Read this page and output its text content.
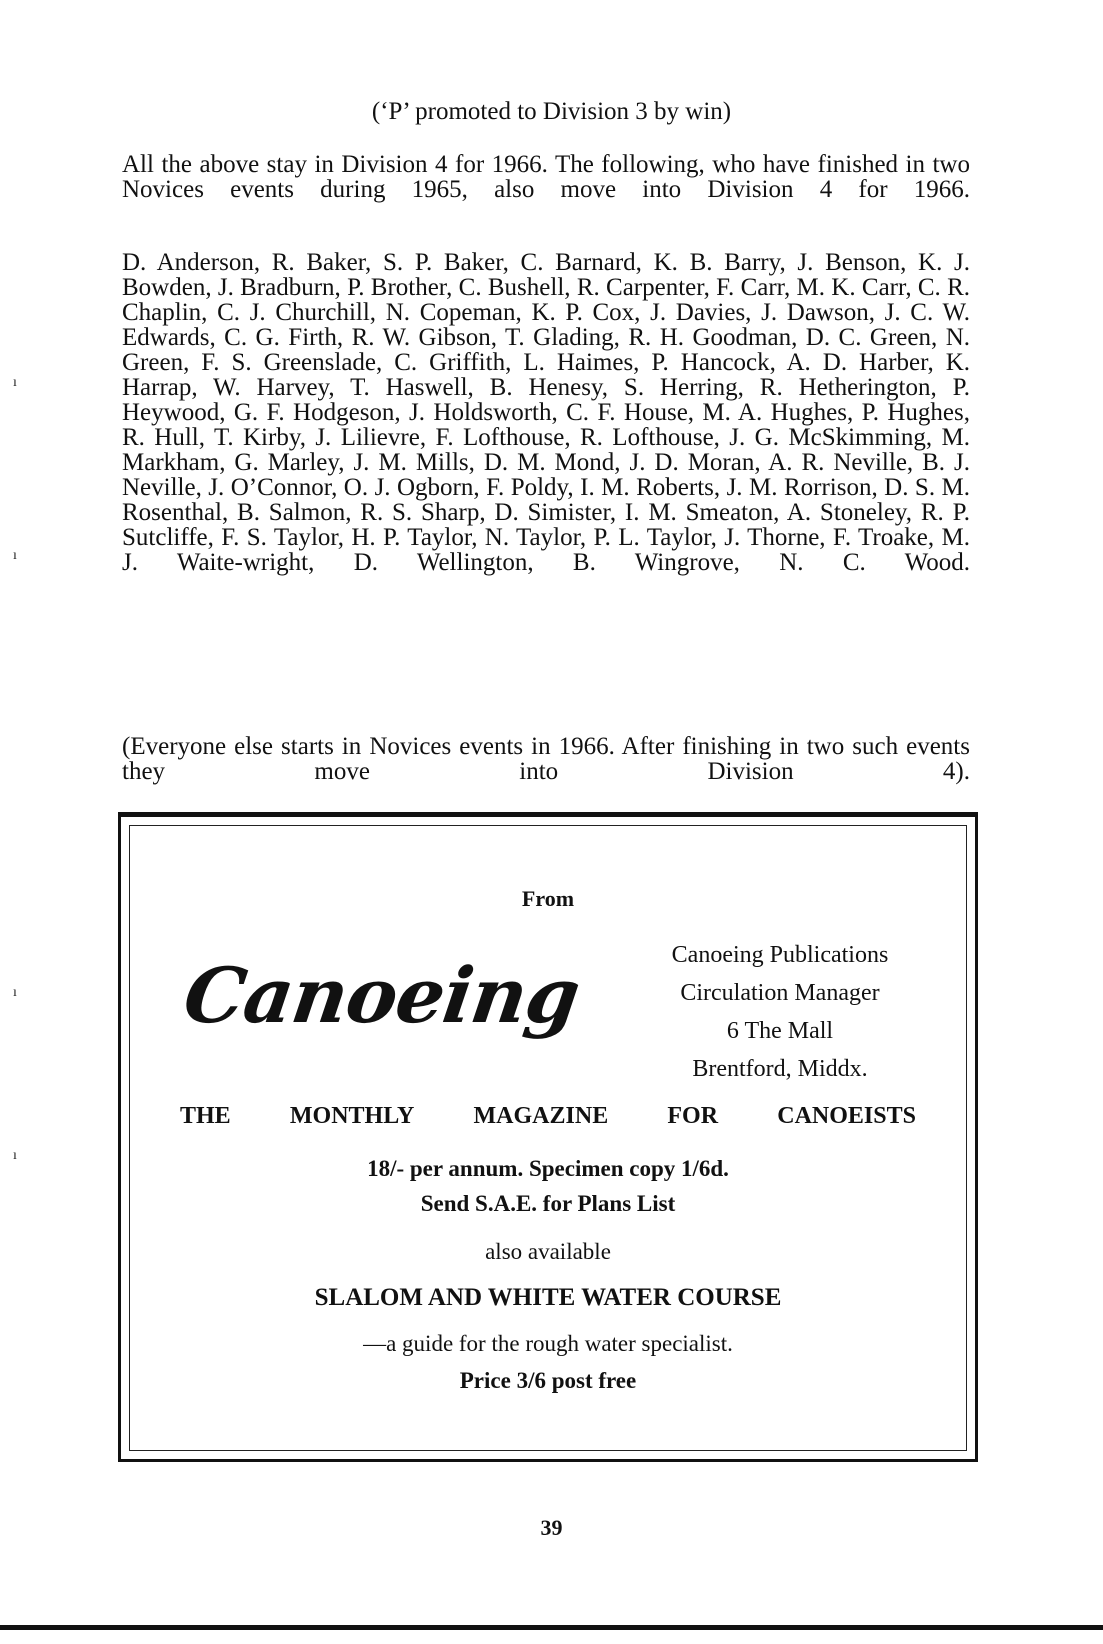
(‘P’ promoted to Division 3 by win)
All the above stay in Division 4 for 1966. The following, who have finished in two Novices events during 1965, also move into Division 4 for 1966.
D. Anderson, R. Baker, S. P. Baker, C. Barnard, K. B. Barry, J. Benson, K. J. Bowden, J. Bradburn, P. Brother, C. Bushell, R. Carpenter, F. Carr, M. K. Carr, C. R. Chaplin, C. J. Churchill, N. Copeman, K. P. Cox, J. Davies, J. Dawson, J. C. W. Edwards, C. G. Firth, R. W. Gibson, T. Glading, R. H. Goodman, D. C. Green, N. Green, F. S. Greenslade, C. Griffith, L. Haimes, P. Hancock, A. D. Harber, K. Harrap, W. Harvey, T. Haswell, B. Henesy, S. Herring, R. Hetherington, P. Heywood, G. F. Hodgeson, J. Holdsworth, C. F. House, M. A. Hughes, P. Hughes, R. Hull, T. Kirby, J. Lilievre, F. Lofthouse, R. Lofthouse, J. G. McSkimming, M. Markham, G. Marley, J. M. Mills, D. M. Mond, J. D. Moran, A. R. Neville, B. J. Neville, J. O’Connor, O. J. Ogborn, F. Poldy, I. M. Roberts, J. M. Rorrison, D. S. M. Rosenthal, B. Salmon, R. S. Sharp, D. Simister, I. M. Smeaton, A. Stoneley, R. P. Sutcliffe, F. S. Taylor, H. P. Taylor, N. Taylor, P. L. Taylor, J. Thorne, F. Troake, M. J. Waite-wright, D. Wellington, B. Wingrove, N. C. Wood.
(Everyone else starts in Novices events in 1966. After finishing in two such events they move into Division 4).
From
Canoeing	Canoeing Publications
Circulation Manager
6 The Mall
Brentford, Middx.
THE MONTHLY MAGAZINE FOR CANOEISTS
18/- per annum. Specimen copy 1/6d.
Send S.A.E. for Plans List
also available
SLALOM AND WHITE WATER COURSE
—a guide for the rough water specialist.
Price 3/6 post free
39
ı
ı
ı
ı
